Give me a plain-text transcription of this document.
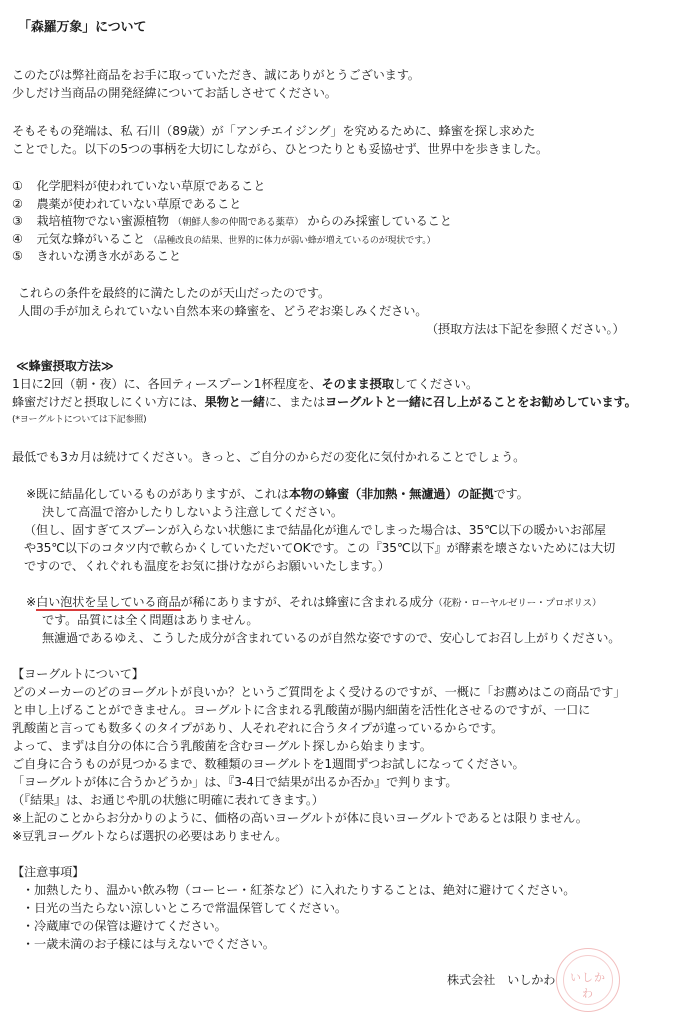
「森羅万象」について
このたびは弊社商品をお手に取っていただき、誠にありがとうございます。
少しだけ当商品の開発経緯についてお話しさせてください。
そもそもの発端は、私 石川（89歳）が「アンチエイジング」を究めるために、蜂蜜を探し求めた
ことでした。以下の5つの事柄を大切にしながら、ひとつたりとも妥協せず、世界中を歩きました。
① 化学肥料が使われていない草原であること
② 農薬が使われていない草原であること
③ 栽培植物でない蜜源植物 （朝鮮人参の仲間である薬草） からのみ採蜜していること
④ 元気な蜂がいること （品種改良の結果、世界的に体力が弱い蜂が増えているのが現状です。）
⑤ きれいな湧き水があること
これらの条件を最終的に満たしたのが天山だったのです。
人間の手が加えられていない自然本来の蜂蜜を、どうぞお楽しみください。
（摂取方法は下記を参照ください。）
≪蜂蜜摂取方法≫
1日に2回（朝・夜）に、各回ティースプーン1杯程度を、そのまま摂取してください。
蜂蜜だけだと摂取しにくい方には、果物と一緒に、またはヨーグルトと一緒に召し上がることをお勧めしています。
(*ヨーグルトについては下記参照)
最低でも3カ月は続けてください。きっと、ご自分のからだの変化に気付かれることでしょう。
※既に結晶化しているものがありますが、これは本物の蜂蜜（非加熱・無濾過）の証拠です。
決して高温で溶かしたりしないよう注意してください。
（但し、固すぎてスプーンが入らない状態にまで結晶化が進んでしまった場合は、35℃以下の暖かいお部屋
や35℃以下のコタツ内で軟らかくしていただいてOKです。この『35℃以下』が酵素を壊さないためには大切
ですので、くれぐれも温度をお気に掛けながらお願いいたします。）
※白い泡状を呈している商品が稀にありますが、それは蜂蜜に含まれる成分（花粉・ローヤルゼリー・プロポリス）
です。品質には全く問題はありません。
無濾過であるゆえ、こうした成分が含まれているのが自然な姿ですので、安心してお召し上がりください。
【ヨーグルトについて】
どのメーカーのどのヨーグルトが良いか？というご質問をよく受けるのですが、一概に「お薦めはこの商品です」
と申し上げることができません。ヨーグルトに含まれる乳酸菌が腸内細菌を活性化させるのですが、一口に
乳酸菌と言っても数多くのタイプがあり、人それぞれに合うタイプが違っているからです。
よって、まずは自分の体に合う乳酸菌を含むヨーグルト探しから始まります。
ご自身に合うものが見つかるまで、数種類のヨーグルトを1週間ずつお試しになってください。
「ヨーグルトが体に合うかどうか」は、『3-4日で結果が出るか否か』で判ります。
（『結果』は、お通じや肌の状態に明確に表れてきます。）
※上記のことからお分かりのように、価格の高いヨーグルトが体に良いヨーグルトであるとは限りません。
※豆乳ヨーグルトならば選択の必要はありません。
【注意事項】
・加熱したり、温かい飲み物（コーヒー・紅茶など）に入れたりすることは、絶対に避けてください。
・日光の当たらない涼しいところで常温保管してください。
・冷蔵庫での保管は避けてください。
・一歳未満のお子様には与えないでください。
株式会社　いしかわ	いしかわ
